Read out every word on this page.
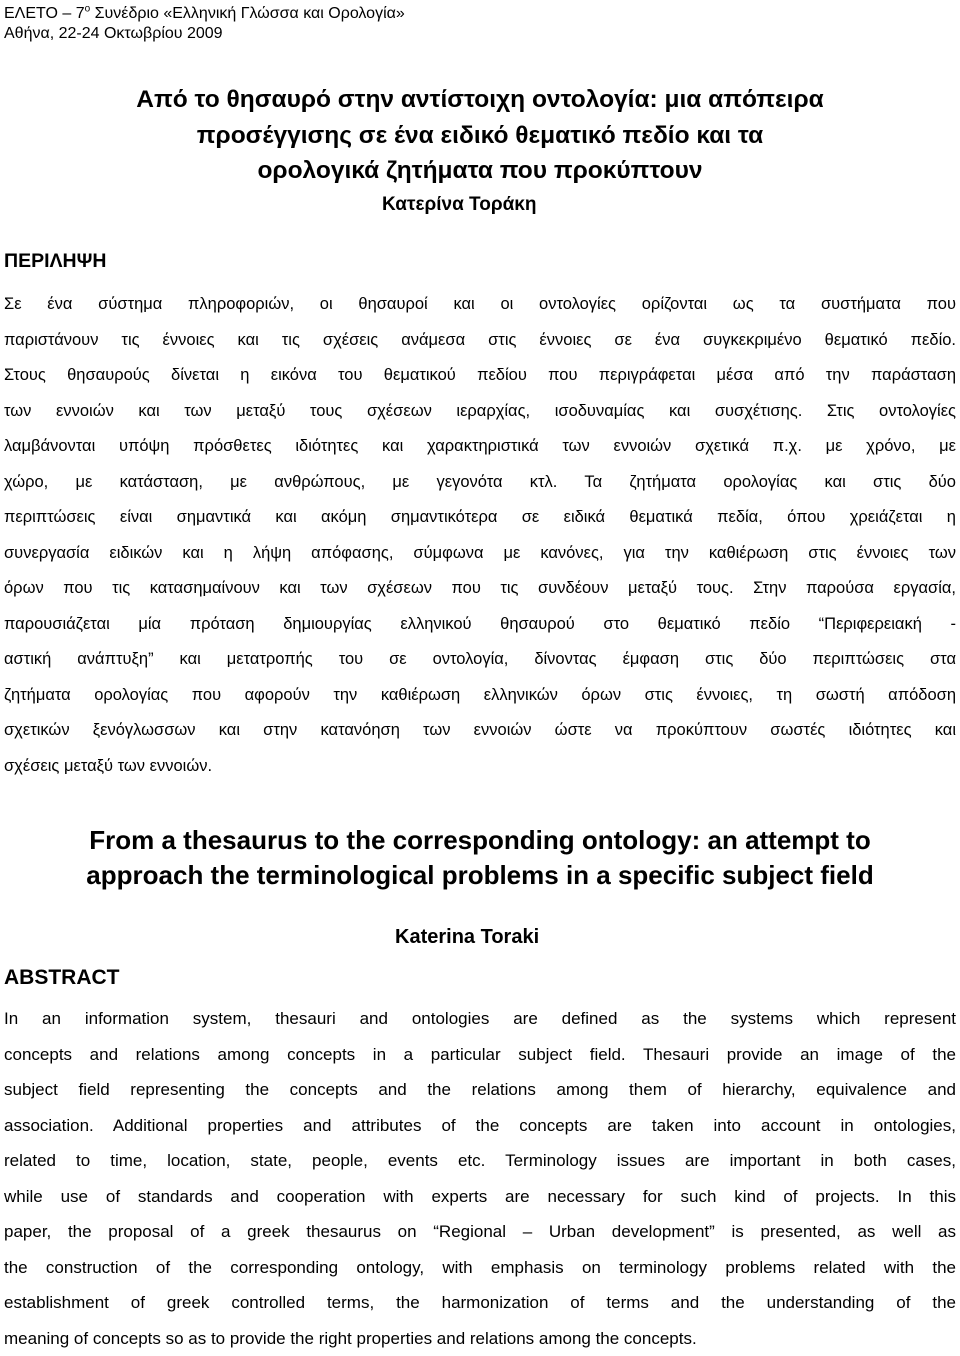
ΕΛΕΤΟ – $7^o$ Συνέδριο «Ελληνική Γλώσσα και Ορολογία»
Αθήνα, 22-24 Οκτωβρίου 2009
Από το θησαυρό στην αντίστοιχη οντολογία: μια απόπειρα
προσέγγισης σε ένα ειδικό θεματικό πεδίο και τα
ορολογικά ζητήματα που προκύπτουν
Κατερίνα Τοράκη
ΠΕΡΙΛΗΨΗ
Σε ένα σύστημα πληροφοριών, οι θησαυροί και οι οντολογίες ορίζονται ως τα συστήματα που
παριστάνουν τις έννοιες και τις σχέσεις ανάμεσα στις έννοιες σε ένα συγκεκριμένο θεματικό πεδίο.
Στους θησαυρούς δίνεται η εικόνα του θεματικού πεδίου που περιγράφεται μέσα από την παράσταση
των εννοιών και των μεταξύ τους σχέσεων ιεραρχίας, ισοδυναμίας και συσχέτισης. Στις οντολογίες
λαμβάνονται υπόψη πρόσθετες ιδιότητες και χαρακτηριστικά των εννοιών σχετικά π.χ. με χρόνο, με
χώρο, με κατάσταση, με ανθρώπους, με γεγονότα κτλ. Τα ζητήματα ορολογίας και στις δύο
περιπτώσεις είναι σημαντικά και ακόμη σημαντικότερα σε ειδικά θεματικά πεδία, όπου χρειάζεται η
συνεργασία ειδικών και η λήψη απόφασης, σύμφωνα με κανόνες, για την καθιέρωση στις έννοιες των
όρων που τις κατασημαίνουν και των σχέσεων που τις συνδέουν μεταξύ τους. Στην παρούσα εργασία,
παρουσιάζεται μία πρόταση δημιουργίας ελληνικού θησαυρού στο θεματικό πεδίο “Περιφερειακή -
αστική ανάπτυξη” και μετατροπής του σε οντολογία, δίνοντας έμφαση στις δύο περιπτώσεις στα
ζητήματα ορολογίας που αφορούν την καθιέρωση ελληνικών όρων στις έννοιες, τη σωστή απόδοση
σχετικών ξενόγλωσσων και στην κατανόηση των εννοιών ώστε να προκύπτουν σωστές ιδιότητες και
σχέσεις μεταξύ των εννοιών.
From a thesaurus to the corresponding ontology: an attempt to
approach the terminological problems in a specific subject field
Katerina Toraki
ABSTRACT
In an information system, thesauri and ontologies are defined as the systems which represent
concepts and relations among concepts in a particular subject field. Thesauri provide an image of the
subject field representing the concepts and the relations among them of hierarchy, equivalence and
association. Additional properties and attributes of the concepts are taken into account in ontologies,
related to time, location, state, people, events etc. Terminology issues are important in both cases,
while use of standards and cooperation with experts are necessary for such kind of projects. In this
paper, the proposal of a greek thesaurus on “Regional – Urban development” is presented, as well as
the construction of the corresponding ontology, with emphasis on terminology problems related with the
establishment of greek controlled terms, the harmonization of terms and the understanding of the
meaning of concepts so as to provide the right properties and relations among the concepts.
